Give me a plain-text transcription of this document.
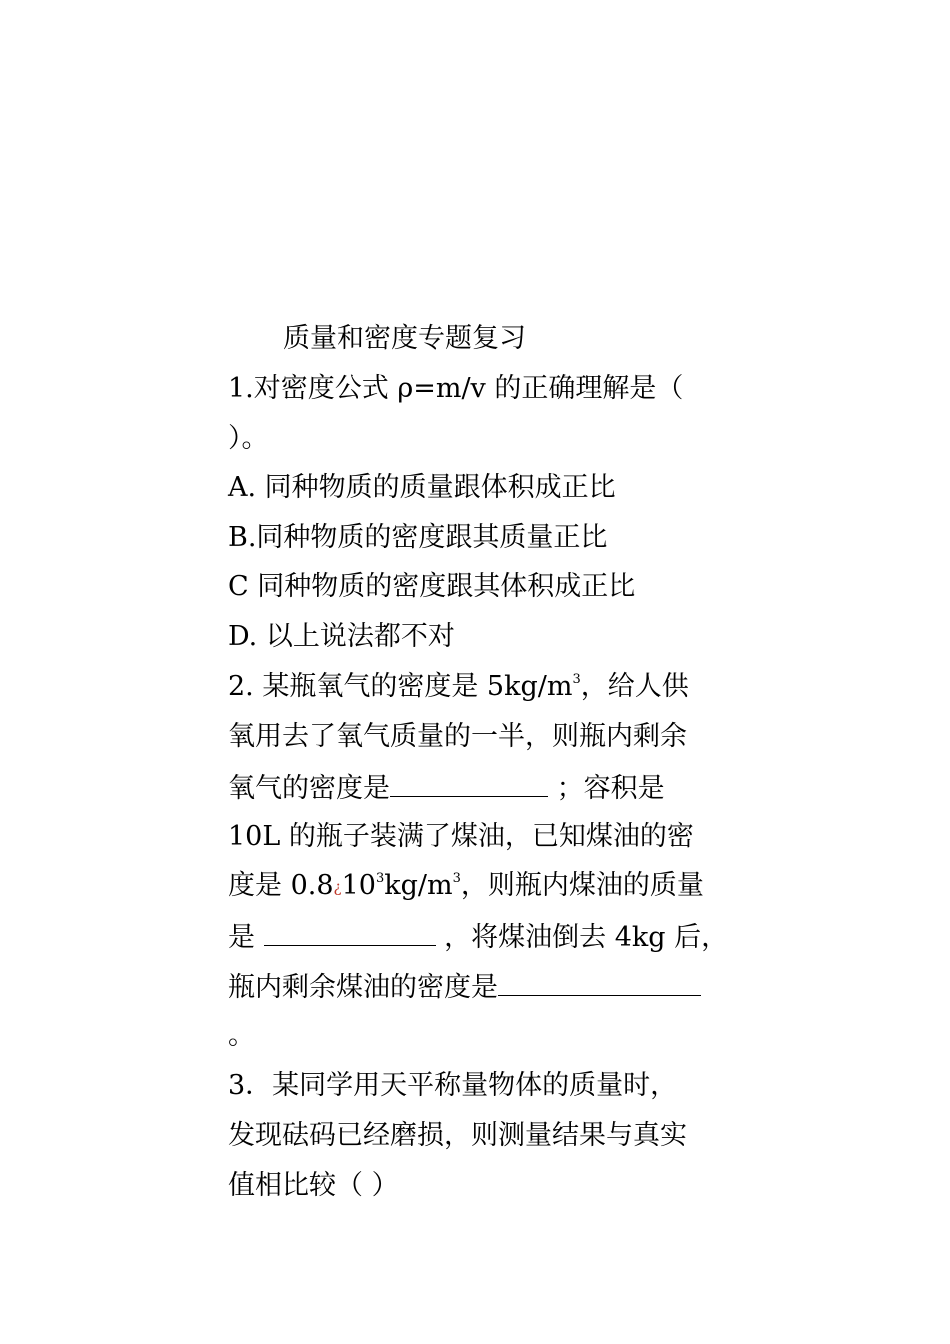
质量和密度专题复习
1.对密度公式 ρ=m/v 的正确理解是（
）。
A. 同种物质的质量跟体积成正比
B.同种物质的密度跟其质量正比
C 同种物质的密度跟其体积成正比
D. 以上说法都不对
2. 某瓶氧气的密度是 $5kg/m^3$，给人供
氧用去了氧气质量的一半，则瓶内剩余
氧气的密度是	；容积是
10L 的瓶子装满了煤油，已知煤油的密
度是 $0.8¿10^3kg/m^3$，则瓶内煤油的质量
是	，将煤油倒去 4kg 后，
瓶内剩余煤油的密度是
。
3．某同学用天平称量物体的质量时，
发现砝码已经磨损，则测量结果与真实
值相比较（ ）
